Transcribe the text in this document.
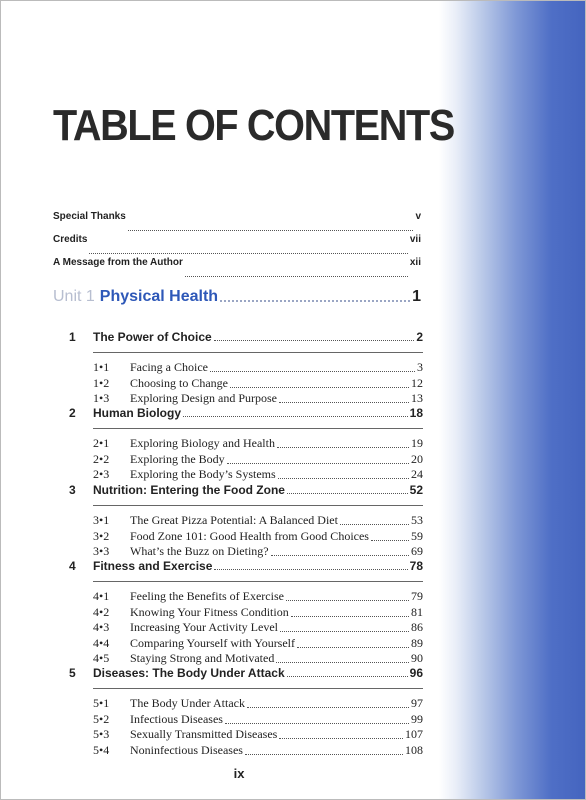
TABLE OF CONTENTS
Special Thanks	v
Credits	vii
A Message from the Author	xii
Unit 1 Physical Health	1
1	The Power of Choice	2
1•1	Facing a Choice	3
1•2	Choosing to Change	12
1•3	Exploring Design and Purpose	13
2	Human Biology	18
2•1	Exploring Biology and Health	19
2•2	Exploring the Body	20
2•3	Exploring the Body’s Systems	24
3	Nutrition: Entering the Food Zone	52
3•1	The Great Pizza Potential: A Balanced Diet	53
3•2	Food Zone 101: Good Health from Good Choices	59
3•3	What’s the Buzz on Dieting?	69
4	Fitness and Exercise	78
4•1	Feeling the Benefits of Exercise	79
4•2	Knowing Your Fitness Condition	81
4•3	Increasing Your Activity Level	86
4•4	Comparing Yourself with Yourself	89
4•5	Staying Strong and Motivated	90
5	Diseases: The Body Under Attack	96
5•1	The Body Under Attack	97
5•2	Infectious Diseases	99
5•3	Sexually Transmitted Diseases	107
5•4	Noninfectious Diseases	108
ix
